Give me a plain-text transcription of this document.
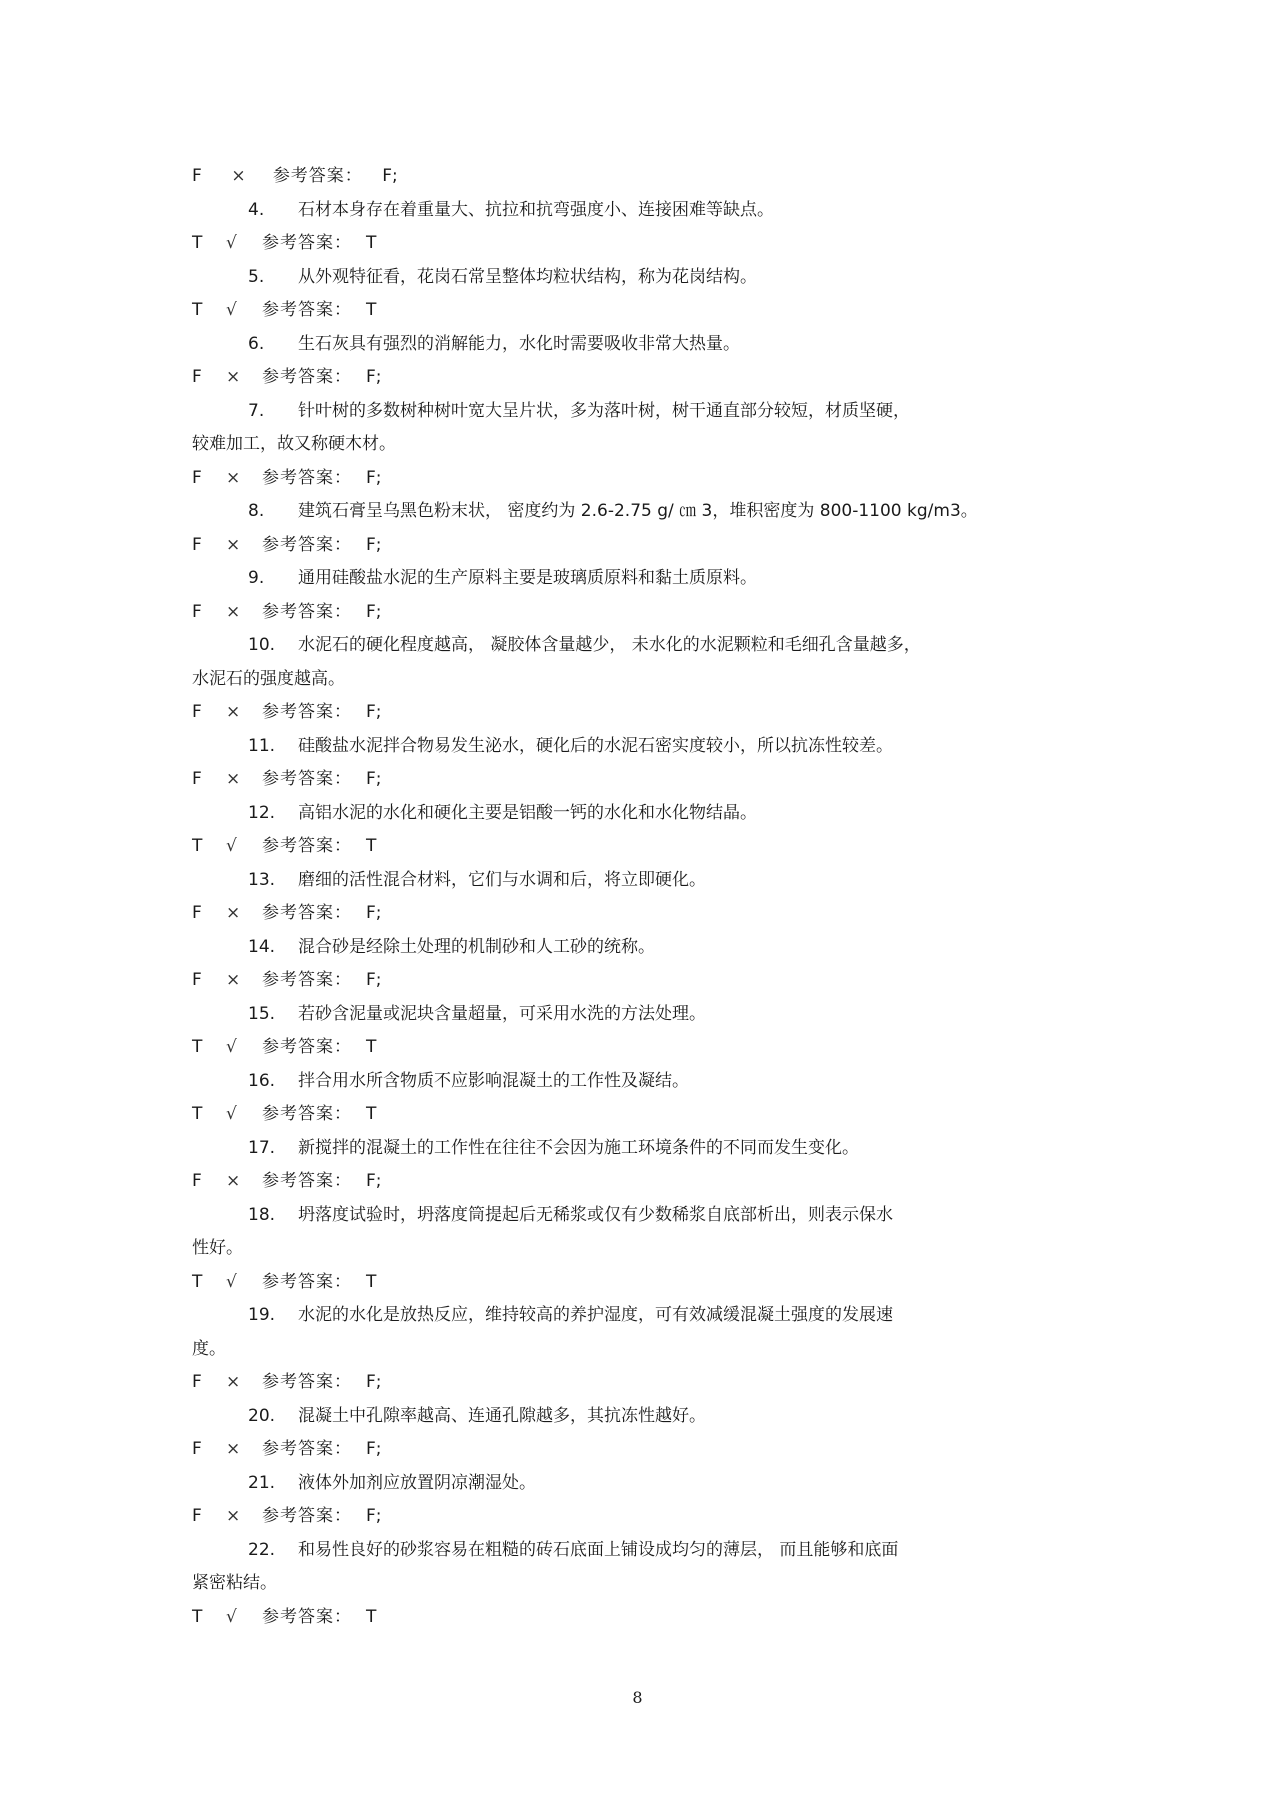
F × 参考答案： F;
4. 石材本身存在着重量大、抗拉和抗弯强度小、连接困难等缺点。
T √ 参考答案： T
5. 从外观特征看，花岗石常呈整体均粒状结构，称为花岗结构。
T √ 参考答案： T
6. 生石灰具有强烈的消解能力，水化时需要吸收非常大热量。
F × 参考答案： F;
7. 针叶树的多数树种树叶宽大呈片状，多为落叶树，树干通直部分较短，材质坚硬，
较难加工，故又称硬木材。
F × 参考答案： F;
8. 建筑石膏呈乌黑色粉末状， 密度约为 2.6-2.75 g/ ㎝ 3，堆积密度为 800-1100 kg/m3。
F × 参考答案： F;
9. 通用硅酸盐水泥的生产原料主要是玻璃质原料和黏土质原料。
F × 参考答案： F;
10. 水泥石的硬化程度越高， 凝胶体含量越少， 未水化的水泥颗粒和毛细孔含量越多，
水泥石的强度越高。
F × 参考答案： F;
11. 硅酸盐水泥拌合物易发生泌水，硬化后的水泥石密实度较小，所以抗冻性较差。
F × 参考答案： F;
12. 高铝水泥的水化和硬化主要是铝酸一钙的水化和水化物结晶。
T √ 参考答案： T
13. 磨细的活性混合材料，它们与水调和后，将立即硬化。
F × 参考答案： F;
14. 混合砂是经除土处理的机制砂和人工砂的统称。
F × 参考答案： F;
15. 若砂含泥量或泥块含量超量，可采用水洗的方法处理。
T √ 参考答案： T
16. 拌合用水所含物质不应影响混凝土的工作性及凝结。
T √ 参考答案： T
17. 新搅拌的混凝土的工作性在往往不会因为施工环境条件的不同而发生变化。
F × 参考答案： F;
18. 坍落度试验时，坍落度筒提起后无稀浆或仅有少数稀浆自底部析出，则表示保水
性好。
T √ 参考答案： T
19. 水泥的水化是放热反应，维持较高的养护湿度，可有效减缓混凝土强度的发展速
度。
F × 参考答案： F;
20. 混凝土中孔隙率越高、连通孔隙越多，其抗冻性越好。
F × 参考答案： F;
21. 液体外加剂应放置阴凉潮湿处。
F × 参考答案： F;
22. 和易性良好的砂浆容易在粗糙的砖石底面上铺设成均匀的薄层， 而且能够和底面
紧密粘结。
T √ 参考答案： T
8
